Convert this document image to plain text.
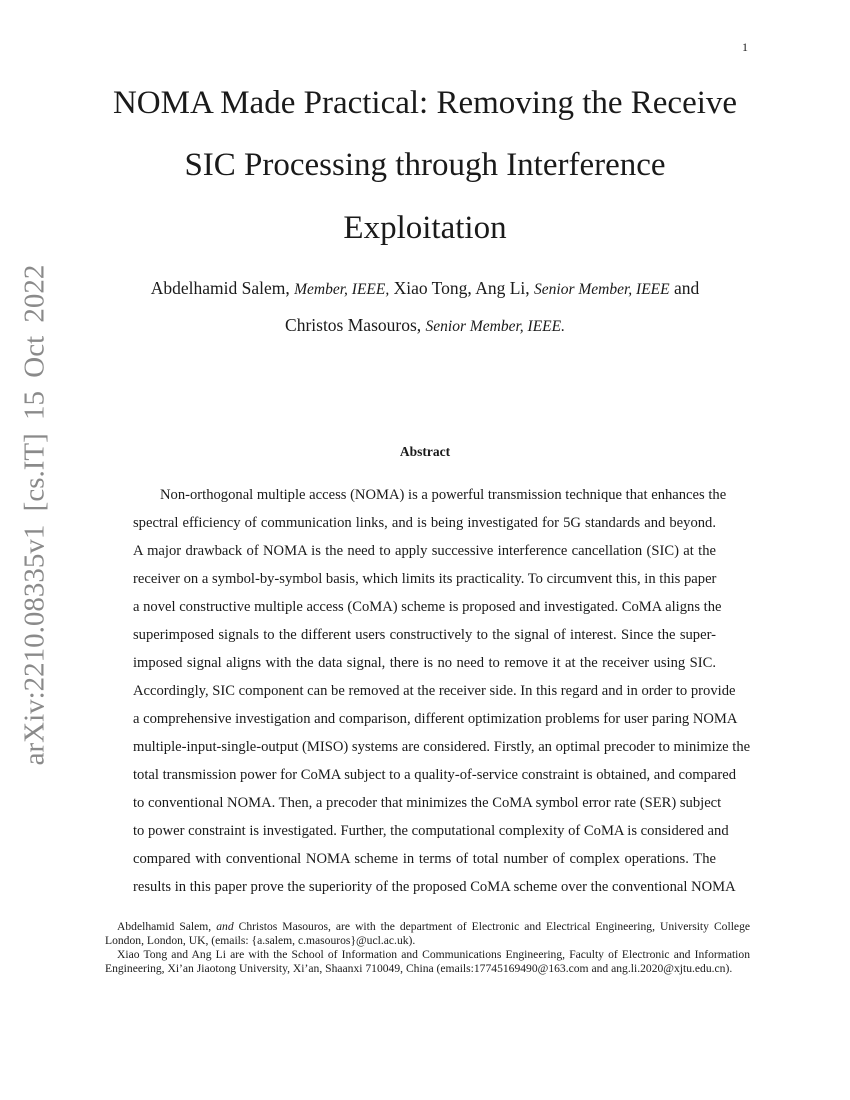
1
arXiv:2210.08335v1 [cs.IT] 15 Oct 2022
NOMA Made Practical: Removing the Receive
SIC Processing through Interference
Exploitation
Abdelhamid Salem, Member, IEEE, Xiao Tong, Ang Li, Senior Member, IEEE and
Christos Masouros, Senior Member, IEEE.
Abstract
Non-orthogonal multiple access (NOMA) is a powerful transmission technique that enhances the
spectral efficiency of communication links, and is being investigated for 5G standards and beyond.
A major drawback of NOMA is the need to apply successive interference cancellation (SIC) at the
receiver on a symbol-by-symbol basis, which limits its practicality. To circumvent this, in this paper
a novel constructive multiple access (CoMA) scheme is proposed and investigated. CoMA aligns the
superimposed signals to the different users constructively to the signal of interest. Since the super-
imposed signal aligns with the data signal, there is no need to remove it at the receiver using SIC.
Accordingly, SIC component can be removed at the receiver side. In this regard and in order to provide
a comprehensive investigation and comparison, different optimization problems for user paring NOMA
multiple-input-single-output (MISO) systems are considered. Firstly, an optimal precoder to minimize the
total transmission power for CoMA subject to a quality-of-service constraint is obtained, and compared
to conventional NOMA. Then, a precoder that minimizes the CoMA symbol error rate (SER) subject
to power constraint is investigated. Further, the computational complexity of CoMA is considered and
compared with conventional NOMA scheme in terms of total number of complex operations. The
results in this paper prove the superiority of the proposed CoMA scheme over the conventional NOMA

Abdelhamid Salem, and Christos Masouros, are with the department of Electronic and Electrical Engineering, University College London, London, UK, (emails: {a.salem, c.masouros}@ucl.ac.uk).

Xiao Tong and Ang Li are with the School of Information and Communications Engineering, Faculty of Electronic and Information Engineering, Xi’an Jiaotong University, Xi’an, Shaanxi 710049, China (emails:17745169490@163.com and ang.li.2020@xjtu.edu.cn).
